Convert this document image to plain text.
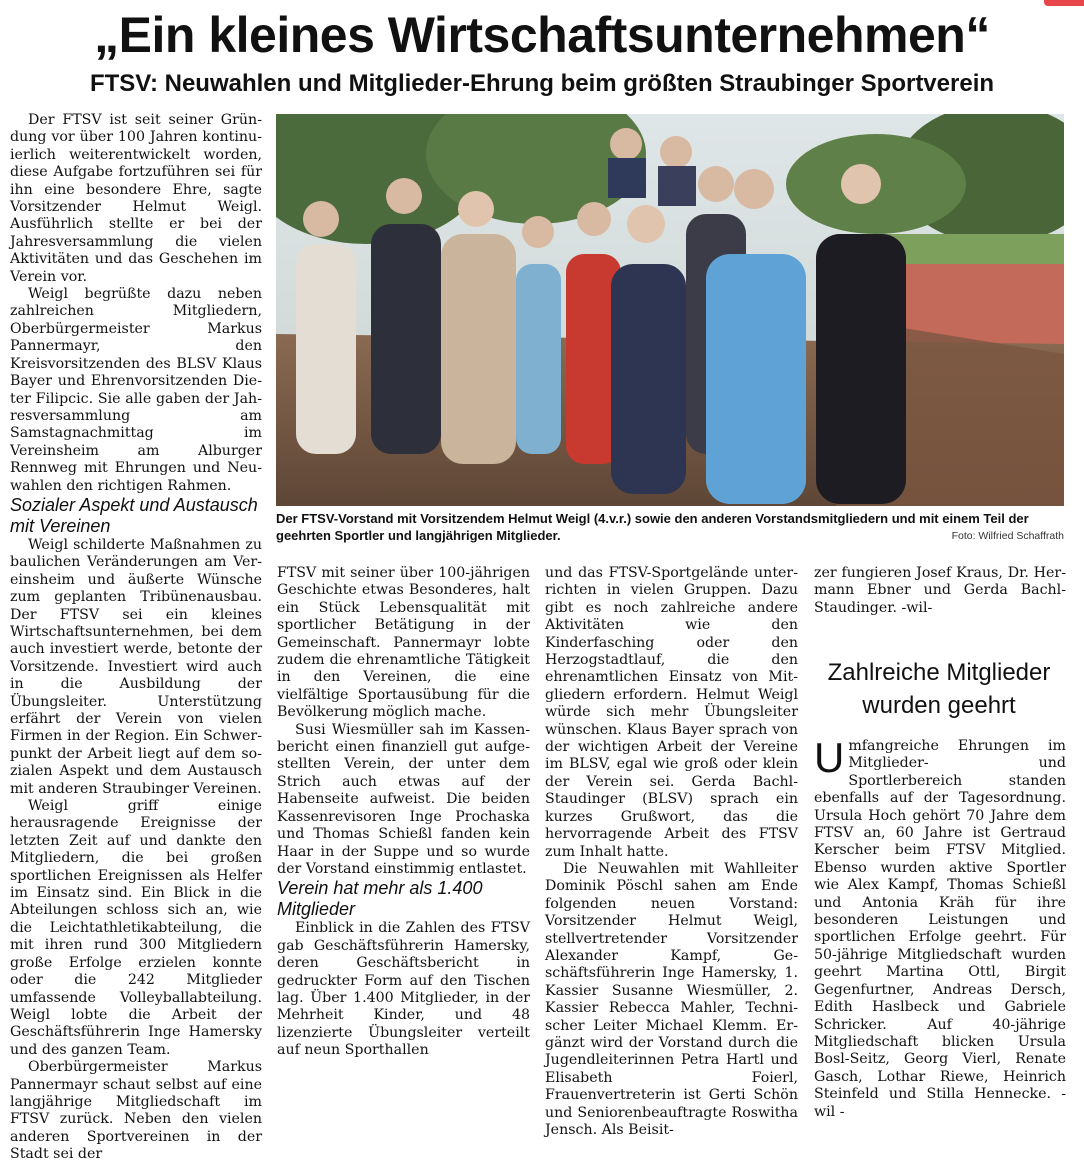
„Ein kleines Wirtschaftsunternehmen“
FTSV: Neuwahlen und Mitglieder-Ehrung beim größten Straubinger Sportverein

Der FTSV ist seit seiner Gründung vor über 100 Jahren kontinuierlich weiterentwickelt worden, diese Aufgabe fortzuführen sei für ihn eine besondere Ehre, sagte Vorsitzender Helmut Weigl. Ausführlich stellte er bei der Jahresversammlung die vielen Aktivitäten und das Geschehen im Verein vor.

Weigl begrüßte dazu neben zahlreichen Mitgliedern, Oberbürgermeister Markus Pannermayr, den Kreisvorsitzenden des BLSV Klaus Bayer und Ehrenvorsitzenden Dieter Filipcic. Sie alle gaben der Jahresversammlung am Samstagnachmittag im Vereinsheim am Alburger Rennweg mit Ehrungen und Neuwahlen den richtigen Rahmen.

Sozialer Aspekt und Austausch mit Vereinen

Weigl schilderte Maßnahmen zu baulichen Veränderungen am Vereinsheim und äußerte Wünsche zum geplanten Tribünenausbau. Der FTSV sei ein kleines Wirtschaftsunternehmen, bei dem auch investiert werde, betonte der Vorsitzende. Investiert wird auch in die Ausbildung der Übungsleiter. Unterstützung erfährt der Verein von vielen Firmen in der Region. Ein Schwerpunkt der Arbeit liegt auf dem sozialen Aspekt und dem Austausch mit anderen Straubinger Vereinen.

Weigl griff einige herausragende Ereignisse der letzten Zeit auf und dankte den Mitgliedern, die bei großen sportlichen Ereignissen als Helfer im Einsatz sind. Ein Blick in die Abteilungen schloss sich an, wie die Leichtathletikabteilung, die mit ihren rund 300 Mitgliedern große Erfolge erzielen konnte oder die 242 Mitglieder umfassende Volleyballabteilung. Weigl lobte die Arbeit der Geschäftsführerin Inge Hamersky und des ganzen Team.

Oberbürgermeister Markus Pannermayr schaut selbst auf eine langjährige Mitgliedschaft im FTSV zurück. Neben den vielen anderen Sportvereinen in der Stadt sei der

Der FTSV-Vorstand mit Vorsitzendem Helmut Weigl (4.v.r.) sowie den anderen Vorstandsmitgliedern und mit einem Teil der geehrten Sportler und langjährigen Mitglieder.	Foto: Wilfried Schaffrath

FTSV mit seiner über 100-jährigen Geschichte etwas Besonderes, halt ein Stück Lebensqualität mit sportlicher Betätigung in der Gemeinschaft. Pannermayr lobte zudem die ehrenamtliche Tätigkeit in den Vereinen, die eine vielfältige Sportausübung für die Bevölkerung möglich mache.

Susi Wiesmüller sah im Kassenbericht einen finanziell gut aufgestellten Verein, der unter dem Strich auch etwas auf der Habenseite aufweist. Die beiden Kassenrevisoren Inge Prochaska und Thomas Schießl fanden kein Haar in der Suppe und so wurde der Vorstand einstimmig entlastet.

Verein hat mehr als 1.400 Mitglieder

Einblick in die Zahlen des FTSV gab Geschäftsführerin Hamersky, deren Geschäftsbericht in gedruckter Form auf den Tischen lag. Über 1.400 Mitglieder, in der Mehrheit Kinder, und 48 lizenzierte Übungsleiter verteilt auf neun Sporthallen

und das FTSV-Sportgelände unterrichten in vielen Gruppen. Dazu gibt es noch zahlreiche andere Aktivitäten wie den Kinderfasching oder den Herzogstadtlauf, die den ehrenamtlichen Einsatz von Mitgliedern erfordern. Helmut Weigl würde sich mehr Übungsleiter wünschen. Klaus Bayer sprach von der wichtigen Arbeit der Vereine im BLSV, egal wie groß oder klein der Verein sei. Gerda Bachl-Staudinger (BLSV) sprach ein kurzes Grußwort, das die hervorragende Arbeit des FTSV zum Inhalt hatte.

Die Neuwahlen mit Wahlleiter Dominik Pöschl sahen am Ende folgenden neuen Vorstand: Vorsitzender Helmut Weigl, stellvertretender Vorsitzender Alexander Kampf, Geschäftsführerin Inge Hamersky, 1. Kassier Susanne Wiesmüller, 2. Kassier Rebecca Mahler, Technischer Leiter Michael Klemm. Ergänzt wird der Vorstand durch die Jugendleiterinnen Petra Hartl und Elisabeth Foierl, Frauenvertreterin ist Gerti Schön und Seniorenbeauftragte Roswitha Jensch. Als Beisit-

zer fungieren Josef Kraus, Dr. Hermann Ebner und Gerda Bachl-Staudinger. -wil-

Zahlreiche Mitglieder wurden geehrt

Umfangreiche Ehrungen im Mitglieder- und Sportlerbereich standen ebenfalls auf der Tagesordnung. Ursula Hoch gehört 70 Jahre dem FTSV an, 60 Jahre ist Gertraud Kerscher beim FTSV Mitglied. Ebenso wurden aktive Sportler wie Alex Kampf, Thomas Schießl und Antonia Kräh für ihre besonderen Leistungen und sportlichen Erfolge geehrt. Für 50-jährige Mitgliedschaft wurden geehrt Martina Ottl, Birgit Gegenfurtner, Andreas Dersch, Edith Haslbeck und Gabriele Schricker. Auf 40-jährige Mitgliedschaft blicken Ursula Bosl-Seitz, Georg Vierl, Renate Gasch, Lothar Riewe, Heinrich Steinfeld und Stilla Hennecke. - wil -
